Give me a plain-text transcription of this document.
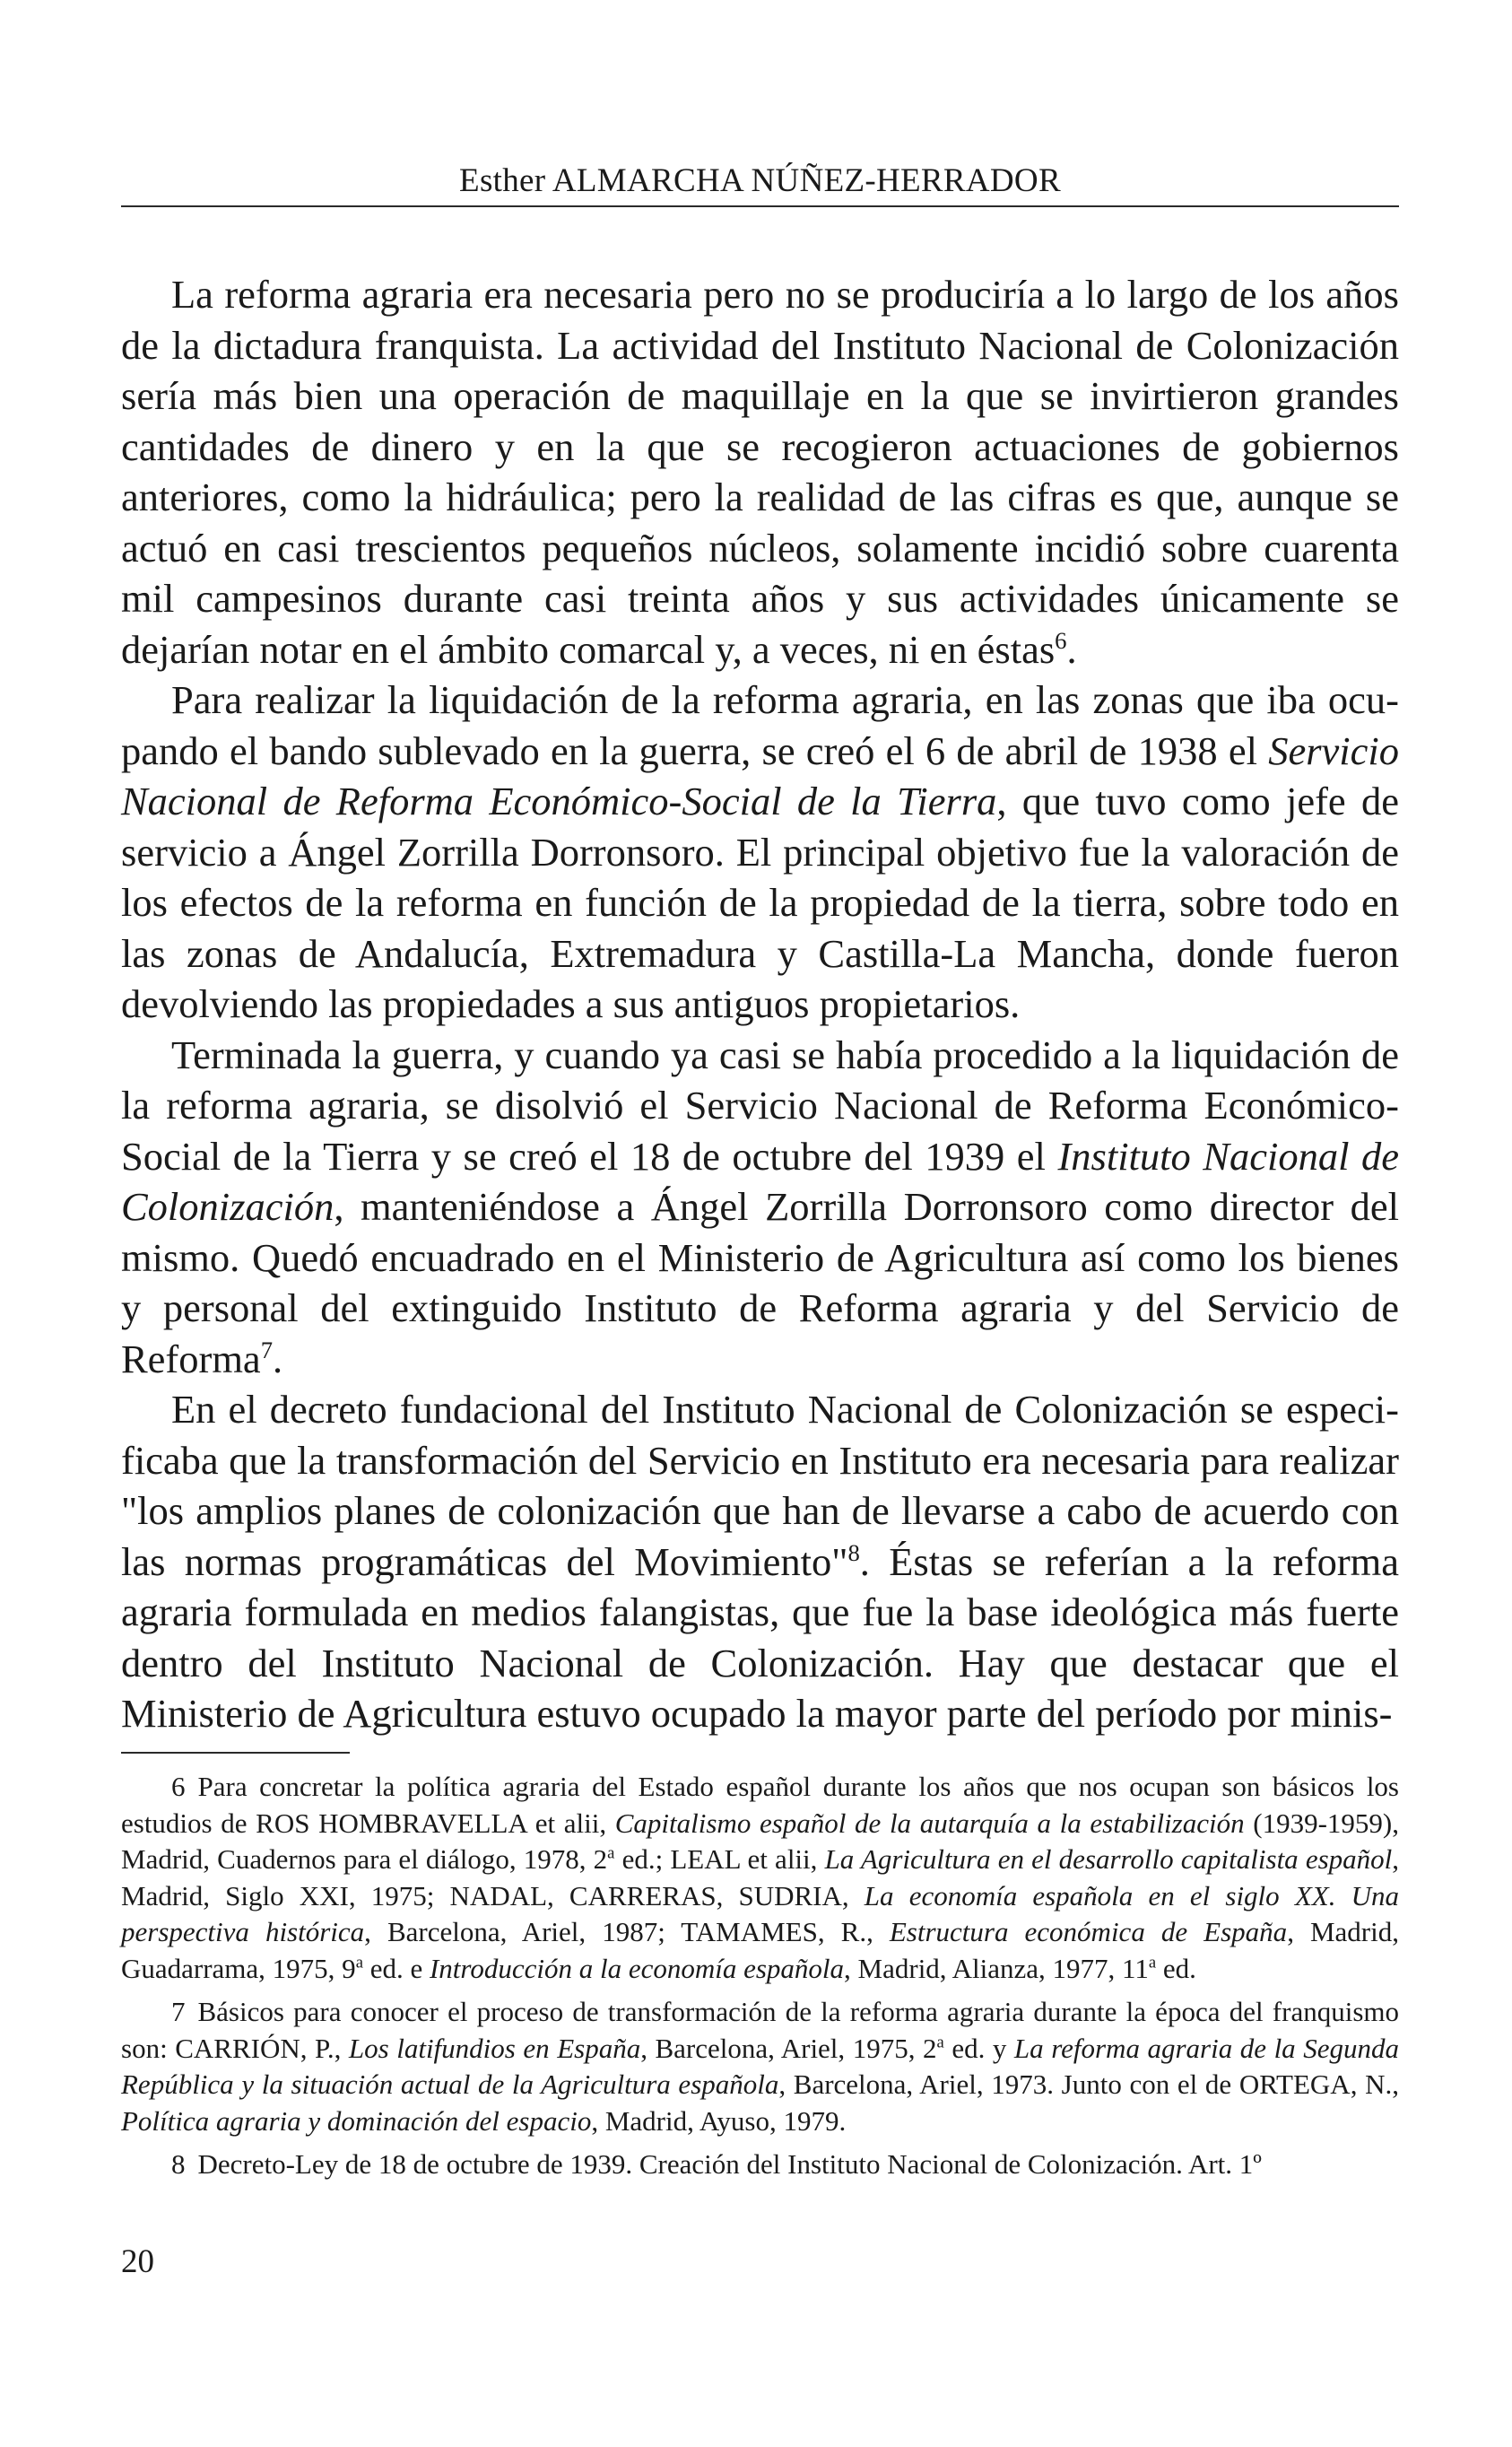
Esther ALMARCHA NÚÑEZ-HERRADOR

La reforma agraria era necesaria pero no se produciría a lo largo de los años de la dictadura franquista. La actividad del Instituto Nacional de Colonización sería más bien una operación de maquillaje en la que se invirtieron grandes cantidades de dinero y en la que se recogieron actuaciones de gobiernos anteriores, como la hidráulica; pero la realidad de las cifras es que, aunque se actuó en casi trescientos pequeños núcleos, solamente incidió sobre cuarenta mil campesinos durante casi treinta años y sus actividades únicamente se dejarían notar en el ámbito comarcal y, a veces, ni en éstas$^6$.

Para realizar la liquidación de la reforma agraria, en las zonas que iba ocupando el bando sublevado en la guerra, se creó el 6 de abril de 1938 el Servicio Nacional de Reforma Económico-Social de la Tierra, que tuvo como jefe de servicio a Ángel Zorrilla Dorronsoro. El principal objetivo fue la valoración de los efectos de la reforma en función de la propiedad de la tierra, sobre todo en las zonas de Andalucía, Extremadura y Castilla-La Mancha, donde fueron devolviendo las propiedades a sus antiguos propietarios.

Terminada la guerra, y cuando ya casi se había procedido a la liquidación de la reforma agraria, se disolvió el Servicio Nacional de Reforma Económico-Social de la Tierra y se creó el 18 de octubre del 1939 el Instituto Nacional de Colonización, manteniéndose a Ángel Zorrilla Dorronsoro como director del mismo. Quedó encuadrado en el Ministerio de Agricultura así como los bienes y personal del extinguido Instituto de Reforma agraria y del Servicio de Reforma$^7$.

En el decreto fundacional del Instituto Nacional de Colonización se especificaba que la transformación del Servicio en Instituto era necesaria para realizar "los amplios planes de colonización que han de llevarse a cabo de acuerdo con las normas programáticas del Movimiento"$^8$. Éstas se referían a la reforma agraria formulada en medios falangistas, que fue la base ideológica más fuerte dentro del Instituto Nacional de Colonización. Hay que destacar que el Ministerio de Agricultura estuvo ocupado la mayor parte del período por minis-

6 Para concretar la política agraria del Estado español durante los años que nos ocupan son básicos los estudios de ROS HOMBRAVELLA et alii, Capitalismo español de la autarquía a la estabilización (1939-1959), Madrid, Cuadernos para el diálogo, 1978, 2$^a$ ed.; LEAL et alii, La Agricultura en el desarrollo capitalista español, Madrid, Siglo XXI, 1975; NADAL, CARRERAS, SUDRIA, La economía española en el siglo XX. Una perspectiva histórica, Barcelona, Ariel, 1987; TAMAMES, R., Estructura económica de España, Madrid, Guadarrama, 1975, 9$^a$ ed. e Introducción a la economía española, Madrid, Alianza, 1977, 11$^a$ ed.

7 Básicos para conocer el proceso de transformación de la reforma agraria durante la época del franquismo son: CARRIÓN, P., Los latifundios en España, Barcelona, Ariel, 1975, 2$^a$ ed. y La reforma agraria de la Segunda República y la situación actual de la Agricultura española, Barcelona, Ariel, 1973. Junto con el de ORTEGA, N., Política agraria y dominación del espacio, Madrid, Ayuso, 1979.

8 Decreto-Ley de 18 de octubre de 1939. Creación del Instituto Nacional de Colonización. Art. 1º

20
